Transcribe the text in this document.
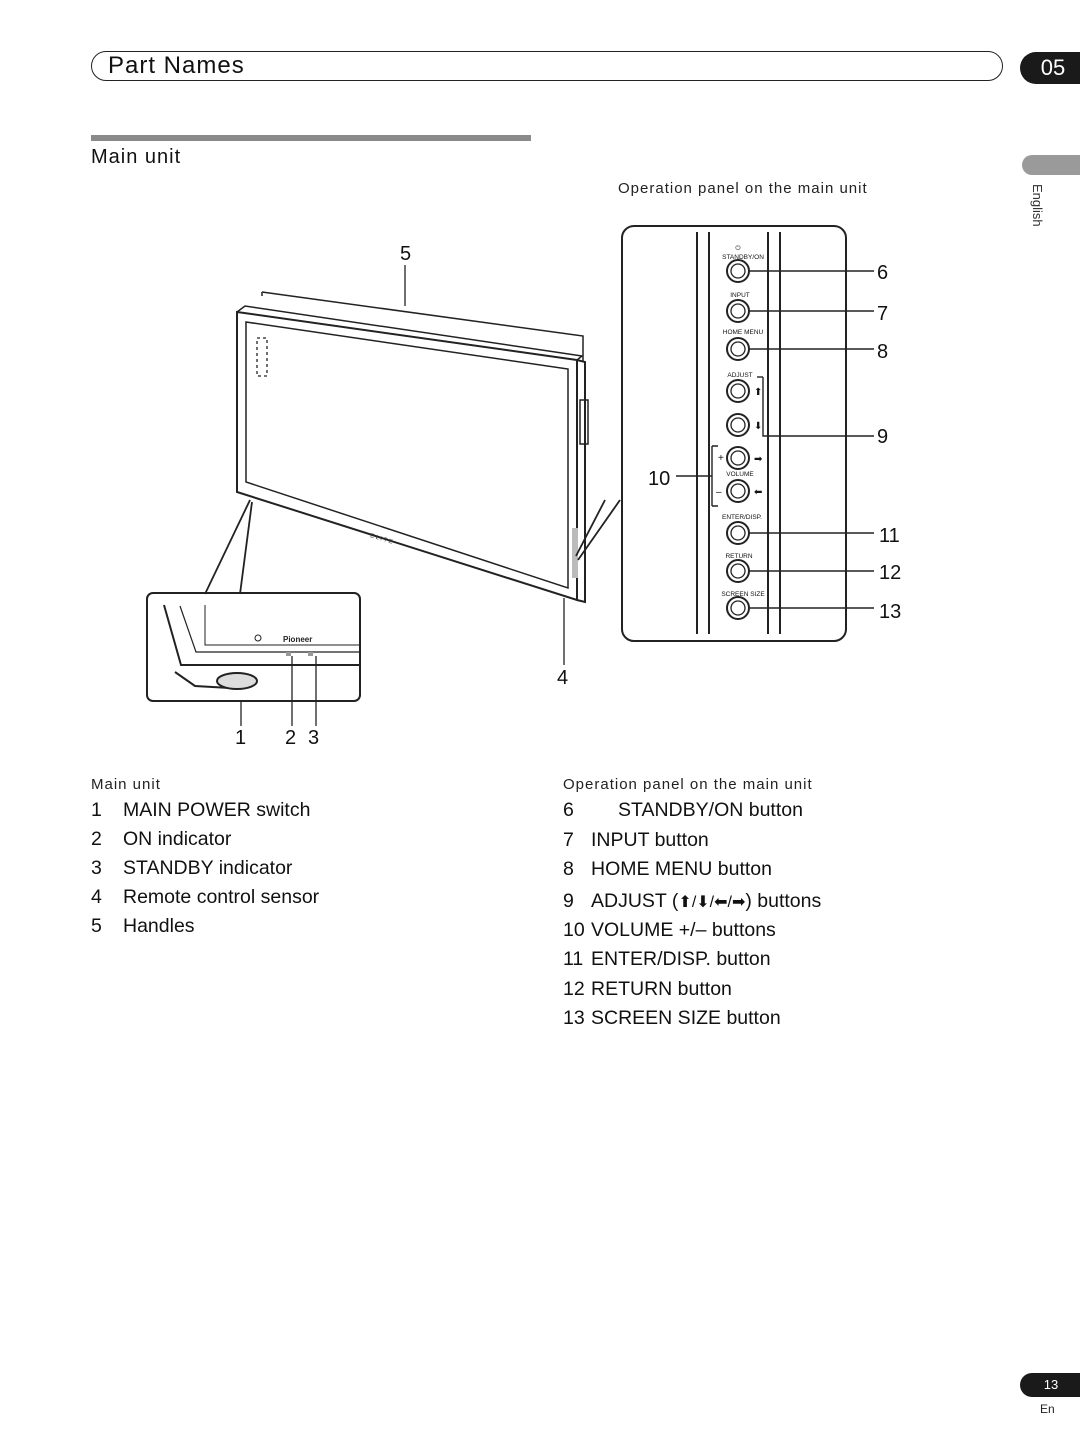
Part Names	05
Main unit
English
Operation panel on the main unit
E L I T E
Pioneer
5
4
1 2 3
⬆
⬇
➡
⬅
+
–
⏻
STANDBY/ON
INPUT
HOME MENU
ADJUST
VOLUME
ENTER/DISP.
RETURN
SCREEN SIZE
6
7
8
9
10
11
12
13
Main unit
1	MAIN POWER switch
2	ON indicator
3	STANDBY indicator
4	Remote control sensor
5	Handles
Operation panel on the main unit
6	STANDBY/ON button
7 INPUT button
8 HOME MENU button
9 ADJUST ( ⬆/⬇/⬅/➡ ) buttons
10 VOLUME +/– buttons
11 ENTER/DISP. button
12 RETURN button
13 SCREEN SIZE button
13
En
